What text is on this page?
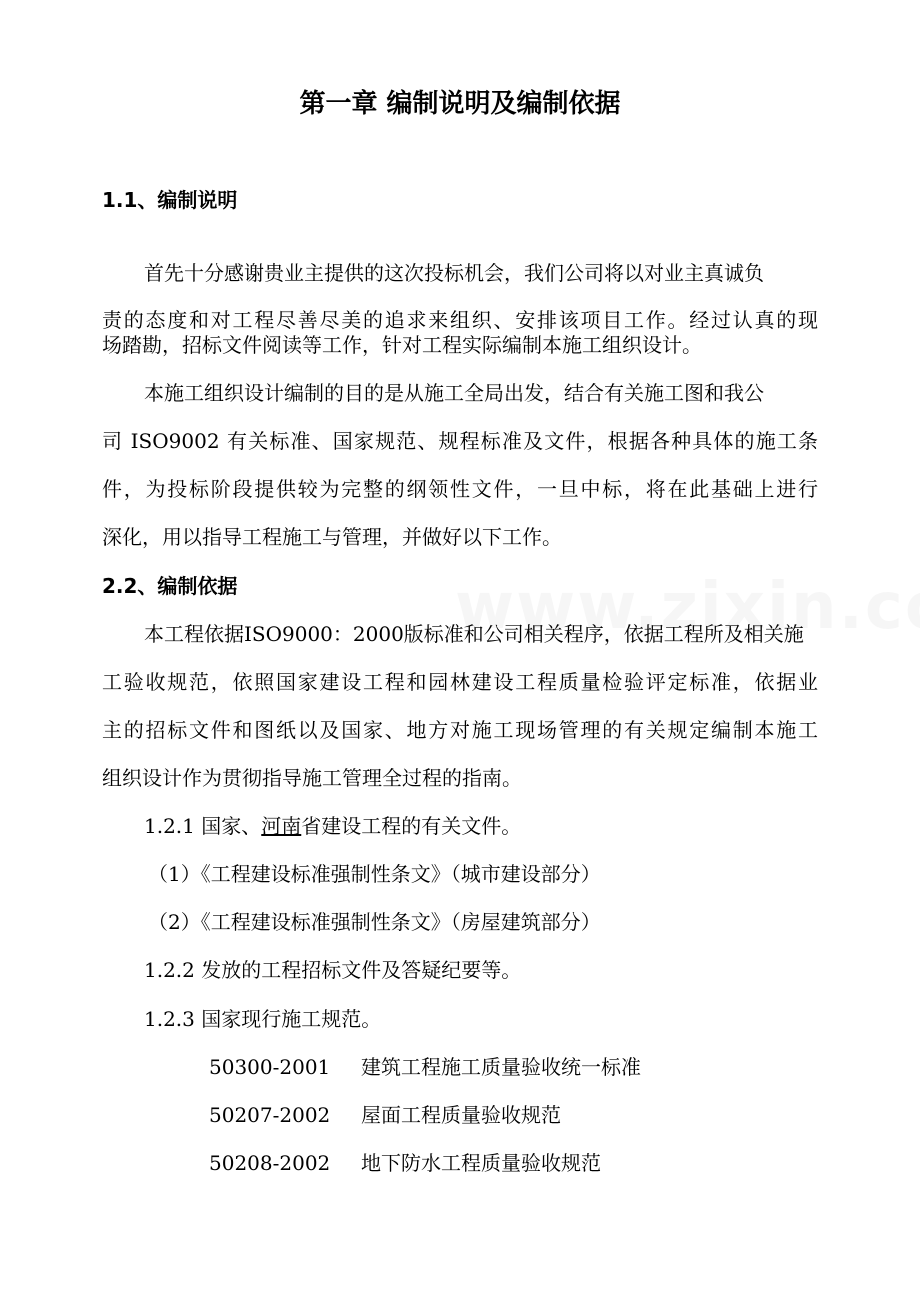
第一章 编制说明及编制依据
1.1、编制说明
首先十分感谢贵业主提供的这次投标机会，我们公司将以对业主真诚负
责的态度和对工程尽善尽美的追求来组织、安排该项目工作。经过认真的现
场踏勘，招标文件阅读等工作，针对工程实际编制本施工组织设计。
本施工组织设计编制的目的是从施工全局出发，结合有关施工图和我公
司 ISO9002 有关标准、国家规范、规程标准及文件，根据各种具体的施工条
件，为投标阶段提供较为完整的纲领性文件，一旦中标，将在此基础上进行
深化，用以指导工程施工与管理，并做好以下工作。
2.2、编制依据
本工程依据ISO9000：2000版标准和公司相关程序，依据工程所及相关施
工验收规范，依照国家建设工程和园林建设工程质量检验评定标准，依据业
主的招标文件和图纸以及国家、地方对施工现场管理的有关规定编制本施工
组织设计作为贯彻指导施工管理全过程的指南。
1.2.1 国家、河南省建设工程的有关文件。
（1）《工程建设标准强制性条文》（城市建设部分）
（2）《工程建设标准强制性条文》（房屋建筑部分）
1.2.2 发放的工程招标文件及答疑纪要等。
1.2.3 国家现行施工规范。
50300-2001 建筑工程施工质量验收统一标准
50207-2002 屋面工程质量验收规范
50208-2002 地下防水工程质量验收规范
